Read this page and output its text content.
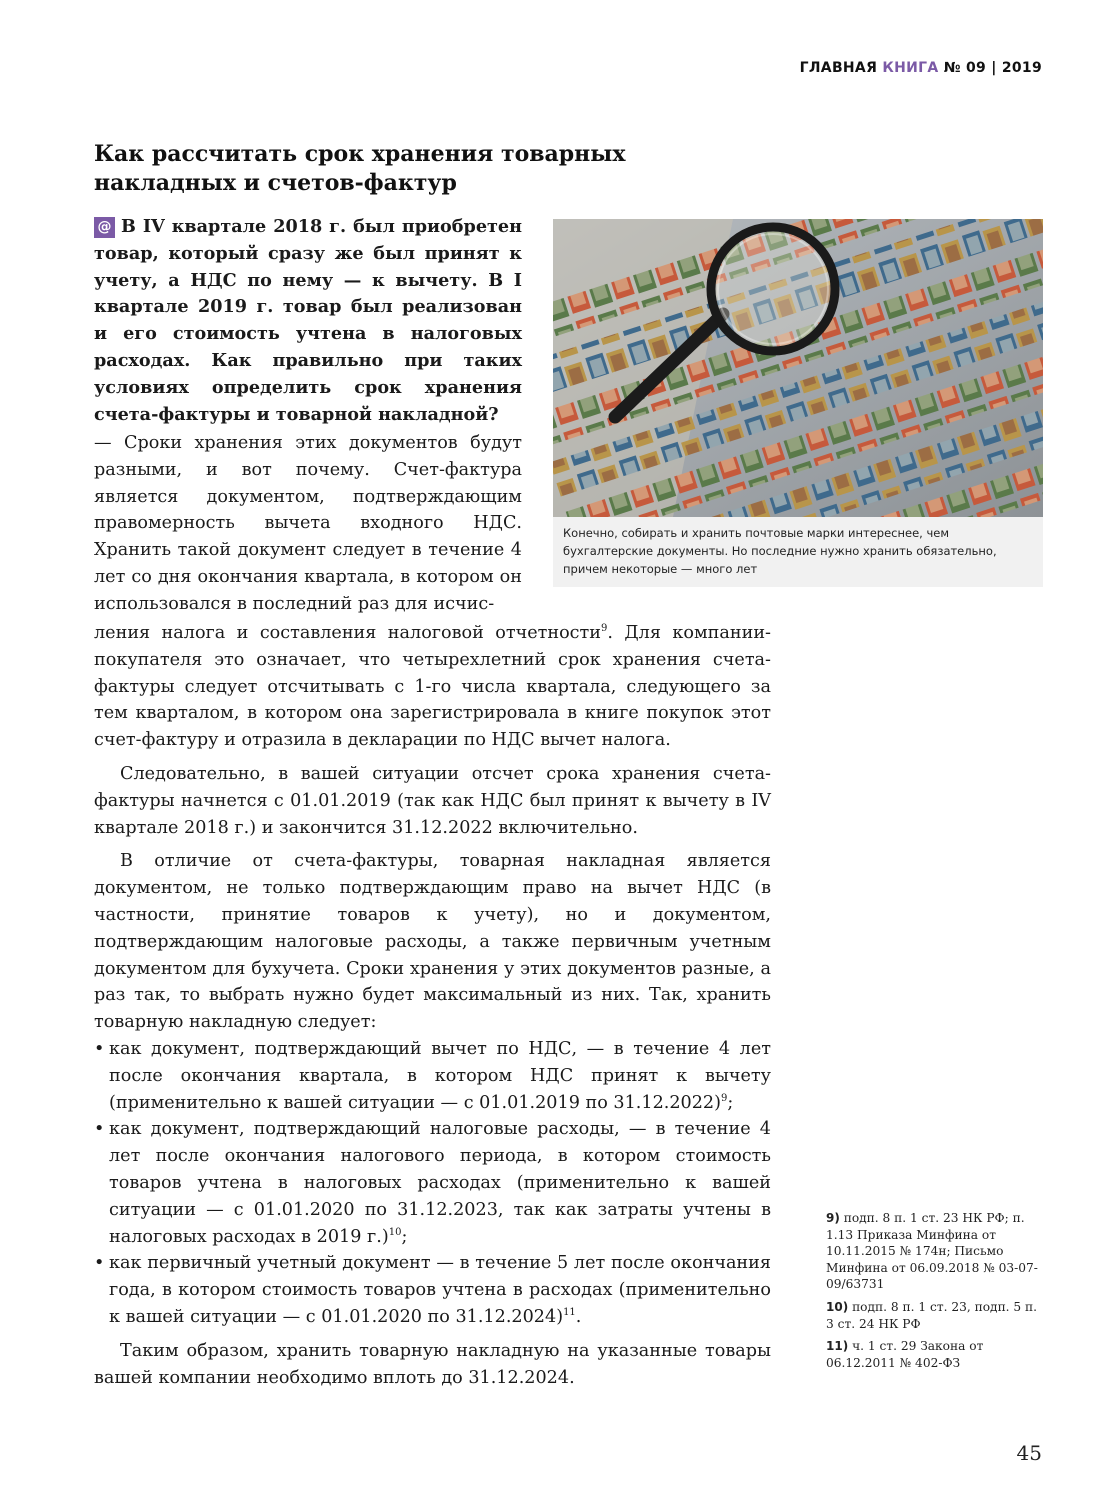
ГЛАВНАЯ КНИГА № 09 | 2019
Как рассчитать срок хранения товарных накладных и счетов-фактур
Конечно, собирать и хранить почтовые марки интереснее, чем бухгалтерские документы. Но последние нужно хранить обязательно, причем некоторые — много лет

@ В IV квартале 2018 г. был приобретен товар, который сразу же был принят к учету, а НДС по нему — к вычету. В I квартале 2019 г. товар был реализован и его стоимость учтена в налоговых расходах. Как правильно при таких условиях определить срок хранения счета-фактуры и товарной накладной?

— Сроки хранения этих документов будут разными, и вот почему. Счет-фактура является документом, подтверждающим правомерность вычета входного НДС. Хранить такой документ следует в течение 4 лет со дня окончания квартала, в котором он использовался в последний раз для исчис-

ления налога и составления налоговой отчетности$^9$. Для компании-покупателя это означает, что четырехлетний срок хранения счета-фактуры следует отсчитывать с 1-го числа квартала, следующего за тем кварталом, в котором она зарегистрировала в книге покупок этот счет-фактуру и отразила в декларации по НДС вычет налога.

Следовательно, в вашей ситуации отсчет срока хранения счета-фактуры начнется с 01.01.2019 (так как НДС был принят к вычету в IV квартале 2018 г.) и закончится 31.12.2022 включительно.

В отличие от счета-фактуры, товарная накладная является документом, не только подтверждающим право на вычет НДС (в частности, принятие товаров к учету), но и документом, подтверждающим налоговые расходы, а также первичным учетным документом для бухучета. Сроки хранения у этих документов разные, а раз так, то выбрать нужно будет максимальный из них. Так, хранить товарную накладную следует:

• как документ, подтверждающий вычет по НДС, — в течение 4 лет после окончания квартала, в котором НДС принят к вычету (применительно к вашей ситуации — с 01.01.2019 по 31.12.2022)$^9$;
• как документ, подтверждающий налоговые расходы, — в течение 4 лет после окончания налогового периода, в котором стоимость товаров учтена в налоговых расходах (применительно к вашей ситуации — с 01.01.2020 по 31.12.2023, так как затраты учтены в налоговых расходах в 2019 г.)$^{10}$;
• как первичный учетный документ — в течение 5 лет после окончания года, в котором стоимость товаров учтена в расходах (применительно к вашей ситуации — с 01.01.2020 по 31.12.2024)$^{11}$.

Таким образом, хранить товарную накладную на указанные товары вашей компании необходимо вплоть до 31.12.2024.

9) подп. 8 п. 1 ст. 23 НК РФ; п. 1.13 Приказа Минфина от 10.11.2015 № 174н; Письмо Минфина от 06.09.2018 № 03-07-09/63731

10) подп. 8 п. 1 ст. 23, подп. 5 п. 3 ст. 24 НК РФ

11) ч. 1 ст. 29 Закона от 06.12.2011 № 402-ФЗ

45
